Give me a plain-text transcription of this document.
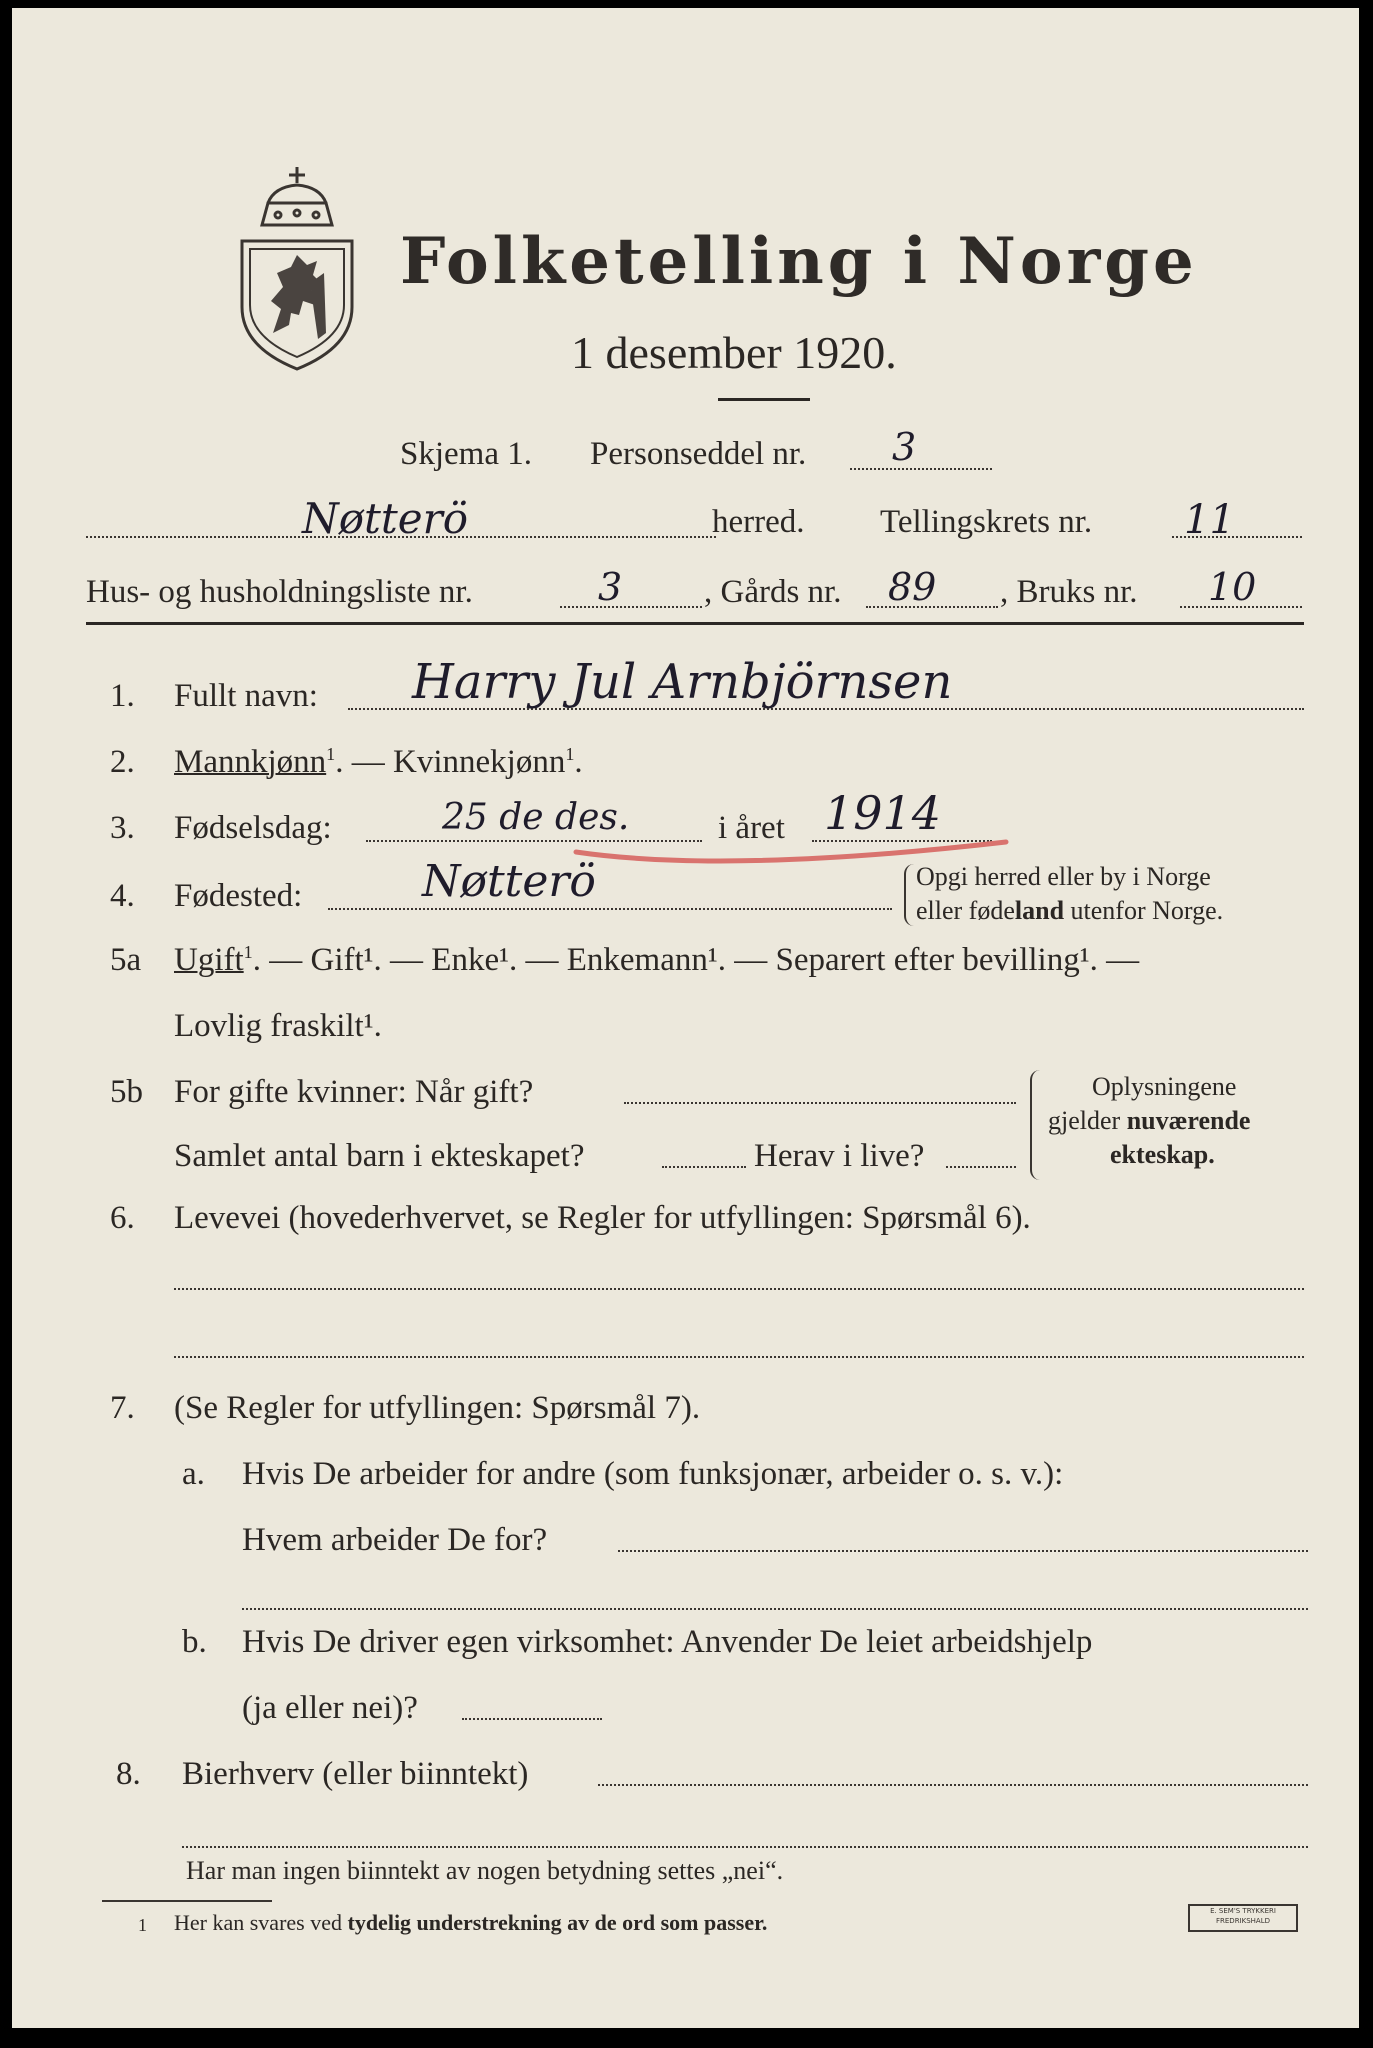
Folketelling i Norge
1 desember 1920.
Skjema 1. Personseddel nr. 3
Nøtterö	herred. Tellingskrets nr. 11
Hus- og husholdningsliste nr.	3 , Gårds nr. 89 , Bruks nr. 10
1. Fullt navn: Harry Jul Arnbjörnsen
2. Mannkjønn$^1$. — Kvinnekjønn$^1$.
3. Fødselsdag:	25 de des.	i året 1914
4. Fødested:	Nøtterö	Opgi herred eller by i Norge
eller fødeland utenfor Norge.
5a Ugift$^1$. — Gift¹. — Enke¹. — Enkemann¹. — Separert efter bevilling¹. —
Lovlig fraskilt¹.
5b For gifte kvinner: Når gift?
Samlet antal barn i ekteskapet?	Herav i live?
Oplysningene
gjelder nuværende
ekteskap.
6. Levevei (hovederhvervet, se Regler for utfyllingen: Spørsmål 6).
7. (Se Regler for utfyllingen: Spørsmål 7).
a. Hvis De arbeider for andre (som funksjonær, arbeider o. s. v.):
Hvem arbeider De for?
b. Hvis De driver egen virksomhet: Anvender De leiet arbeidshjelp
(ja eller nei)?
8. Bierhverv (eller biinntekt)
Har man ingen biinntekt av nogen betydning settes „nei“.
1 Her kan svares ved tydelig understrekning av de ord som passer.	E. SEM'S TRYKKERI
FREDRIKSHALD
